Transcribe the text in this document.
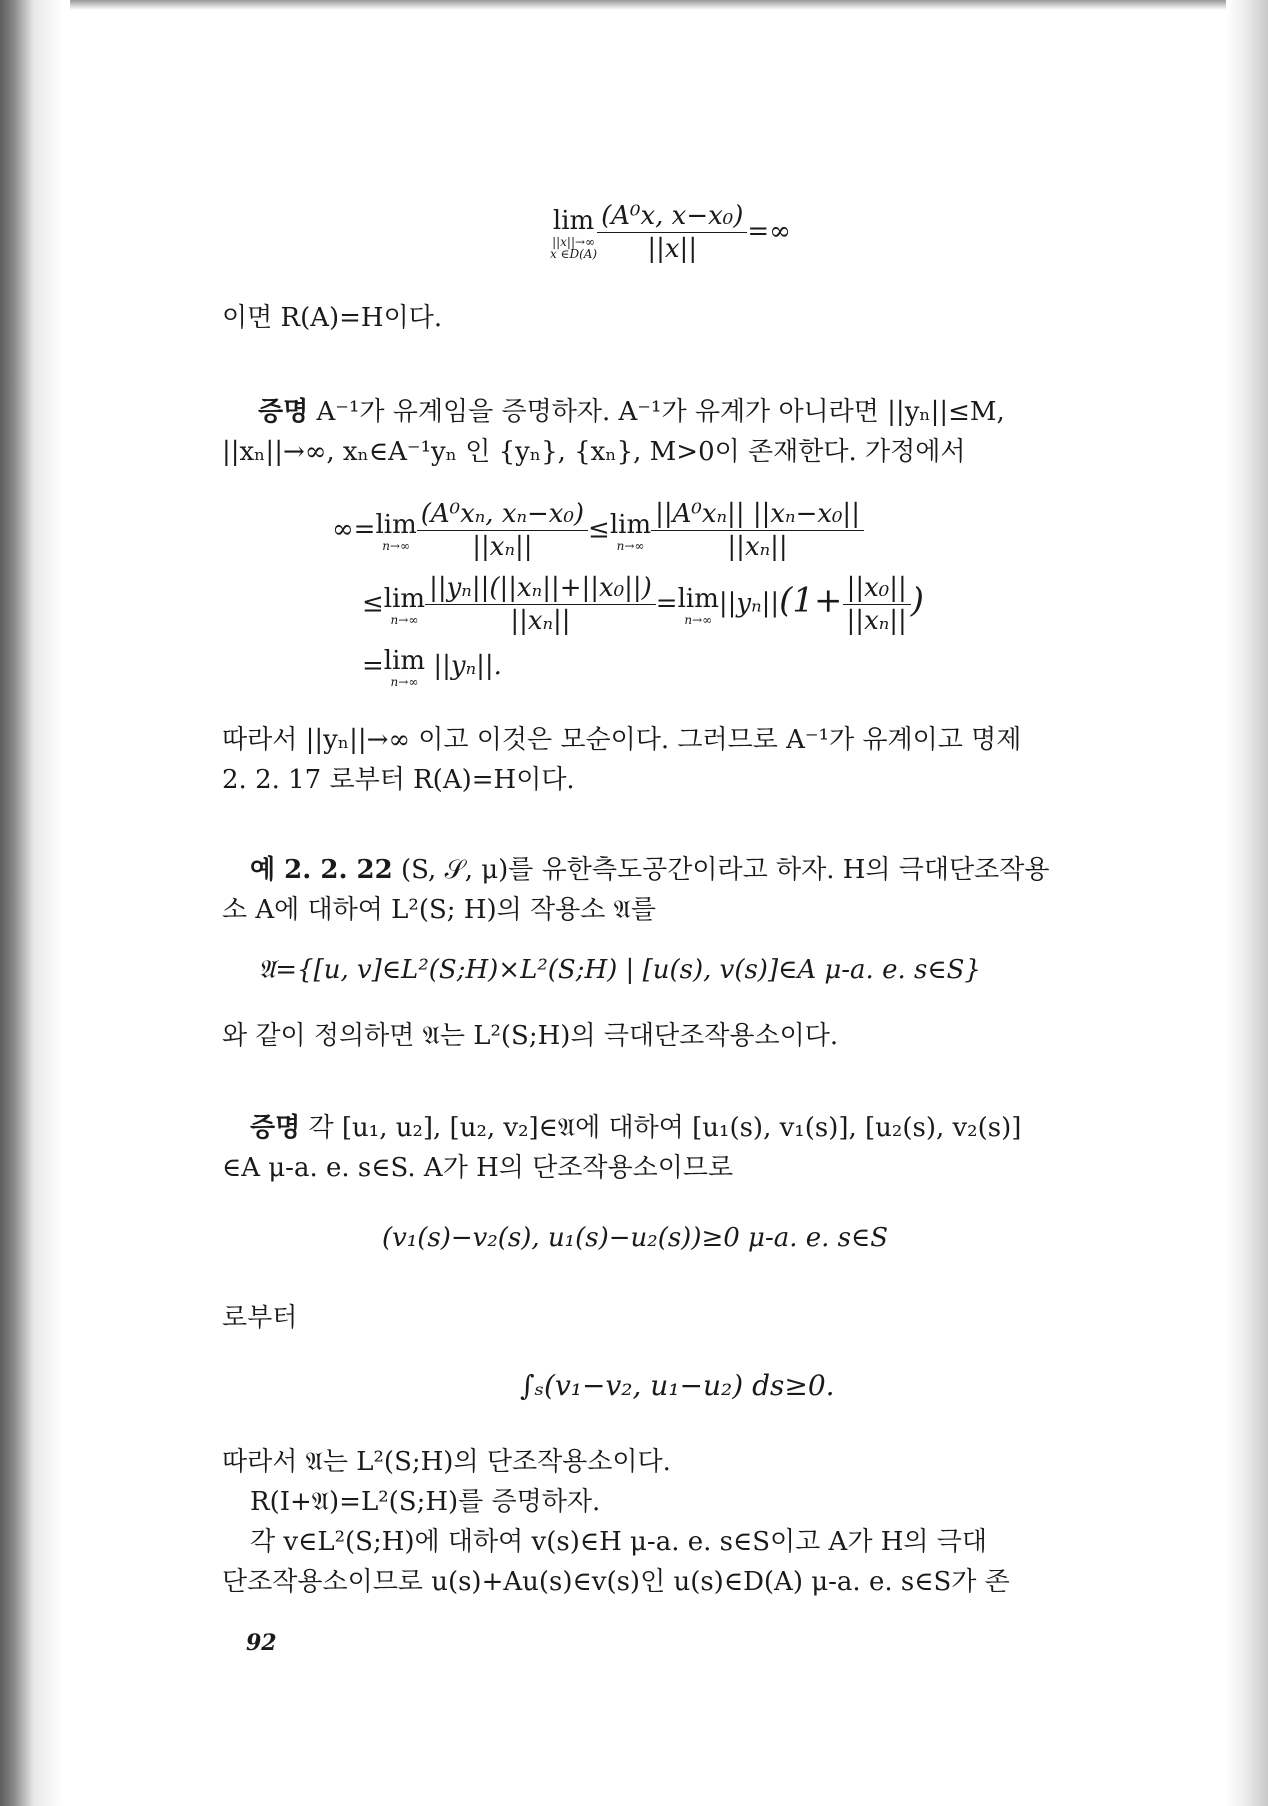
lim
||x||→∞
x ∈D(A) $\frac{\text{(A⁰x, x−x₀)}}{||x||}$ =∞
이면 R(A)=H이다.
증명 A⁻¹가 유계임을 증명하자. A⁻¹가 유계가 아니라면 ||yₙ||≤M,
||xₙ||→∞, xₙ∈A⁻¹yₙ 인 {yₙ}, {xₙ}, M>0이 존재한다. 가정에서
∞= lim
$n\to\infty \frac{\text{(A⁰xₙ, xₙ−x₀)}}{\text{||xₙ||}} \le \lim$
$n\to\infty \frac{\text{||A⁰xₙ|| ||xₙ−x₀||}}{\text{||xₙ||}}$
≤ lim
$n\to\infty \frac{\text{||yₙ||(||xₙ||+||x₀||)}}{\text{||xₙ||}} = \lim$
n→∞
$||y_n||(1+ \frac{\text{||x₀||}}{\text{||xₙ||}}$ )
= lim
n→∞
||yₙ||.
따라서 ||yₙ||→∞ 이고 이것은 모순이다. 그러므로 A⁻¹가 유계이고 명제
2. 2. 17 로부터 R(A)=H이다.
예 2. 2. 22 (S, 𝒮, μ)를 유한측도공간이라고 하자. H의 극대단조작용
소 A에 대하여 L²(S; H)의 작용소 𝔄를
𝔄={[u, v]∈L²(S;H)×L²(S;H) | [u(s), v(s)]∈A μ-a. e. s∈S}
와 같이 정의하면 𝔄는 L²(S;H)의 극대단조작용소이다.
증명 각 [u₁, u₂], [u₂, v₂]∈𝔄에 대하여 [u₁(s), v₁(s)], [u₂(s), v₂(s)]
∈A μ-a. e. s∈S. A가 H의 단조작용소이므로
(v₁(s)−v₂(s), u₁(s)−u₂(s))≥0 μ-a. e. s∈S
로부터
∫ₛ(v₁−v₂, u₁−u₂) ds≥0.
따라서 𝔄는 L²(S;H)의 단조작용소이다.
R(I+𝔄)=L²(S;H)를 증명하자.
각 v∈L²(S;H)에 대하여 v(s)∈H μ-a. e. s∈S이고 A가 H의 극대
단조작용소이므로 u(s)+Au(s)∈v(s)인 u(s)∈D(A) μ-a. e. s∈S가 존
92
